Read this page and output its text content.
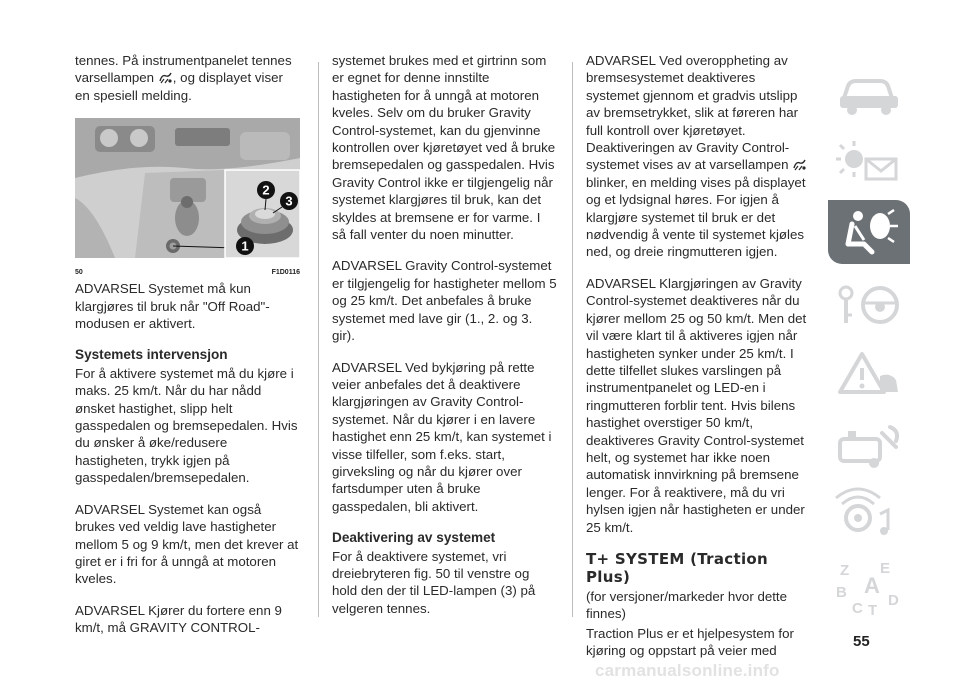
tennes. På instrumentpanelet tennes varsellampen , og displayet viser en spesiell melding.

1
2
3
50	F1D0116

ADVARSEL Systemet må kun klargjøres til bruk når "Off Road"-modusen er aktivert.

Systemets intervensjon

For å aktivere systemet må du kjøre i maks. 25 km/t. Når du har nådd ønsket hastighet, slipp helt gasspedalen og bremsepedalen. Hvis du ønsker å øke/redusere hastigheten, trykk igjen på gasspedalen/bremsepedalen.

ADVARSEL Systemet kan også brukes ved veldig lave hastigheter mellom 5 og 9 km/t, men det krever at giret er i fri for å unngå at motoren kveles.

ADVARSEL Kjører du fortere enn 9 km/t, må GRAVITY CONTROL-

systemet brukes med et girtrinn som er egnet for denne innstilte hastigheten for å unngå at motoren kveles. Selv om du bruker Gravity Control-systemet, kan du gjenvinne kontrollen over kjøretøyet ved å bruke bremsepedalen og gasspedalen. Hvis Gravity Control ikke er tilgjengelig når systemet klargjøres til bruk, kan det skyldes at bremsene er for varme. I så fall venter du noen minutter.

ADVARSEL Gravity Control-systemet er tilgjengelig for hastigheter mellom 5 og 25 km/t. Det anbefales å bruke systemet med lave gir (1., 2. og 3. gir).

ADVARSEL Ved bykjøring på rette veier anbefales det å deaktivere klargjøringen av Gravity Control-systemet. Når du kjører i en lavere hastighet enn 25 km/t, kan systemet i visse tilfeller, som f.eks. start, girveksling og når du kjører over fartsdumper uten å bruke gasspedalen, bli aktivert.

Deaktivering av systemet

For å deaktivere systemet, vri dreiebryteren fig. 50 til venstre og hold den der til LED-lampen (3) på velgeren tennes.

ADVARSEL Ved overoppheting av bremsesystemet deaktiveres systemet gjennom et gradvis utslipp av bremsetrykket, slik at føreren har full kontroll over kjøretøyet. Deaktiveringen av Gravity Control-systemet vises av at varsellampen  blinker, en melding vises på displayet og et lydsignal høres. For igjen å klargjøre systemet til bruk er det nødvendig å vente til systemet kjøles ned, og dreie ringmutteren igjen.

ADVARSEL Klargjøringen av Gravity Control-systemet deaktiveres når du kjører mellom 25 og 50 km/t. Men det vil være klart til å aktiveres igjen når hastigheten synker under 25 km/t. I dette tilfellet slukes varslingen på instrumentpanelet og LED-en i ringmutteren forblir tent. Hvis bilens hastighet overstiger 50 km/t, deaktiveres Gravity Control-systemet helt, og systemet har ikke noen automatisk innvirkning på bremsene lenger. For å reaktivere, må du vri hylsen igjen når hastigheten er under 25 km/t.

T+ SYSTEM (Traction Plus)

(for versjoner/markeder hvor dette finnes)

Traction Plus er et hjelpesystem for kjøring og oppstart på veier med

Z E
B A
C T
D
55
carmanualsonline.info
